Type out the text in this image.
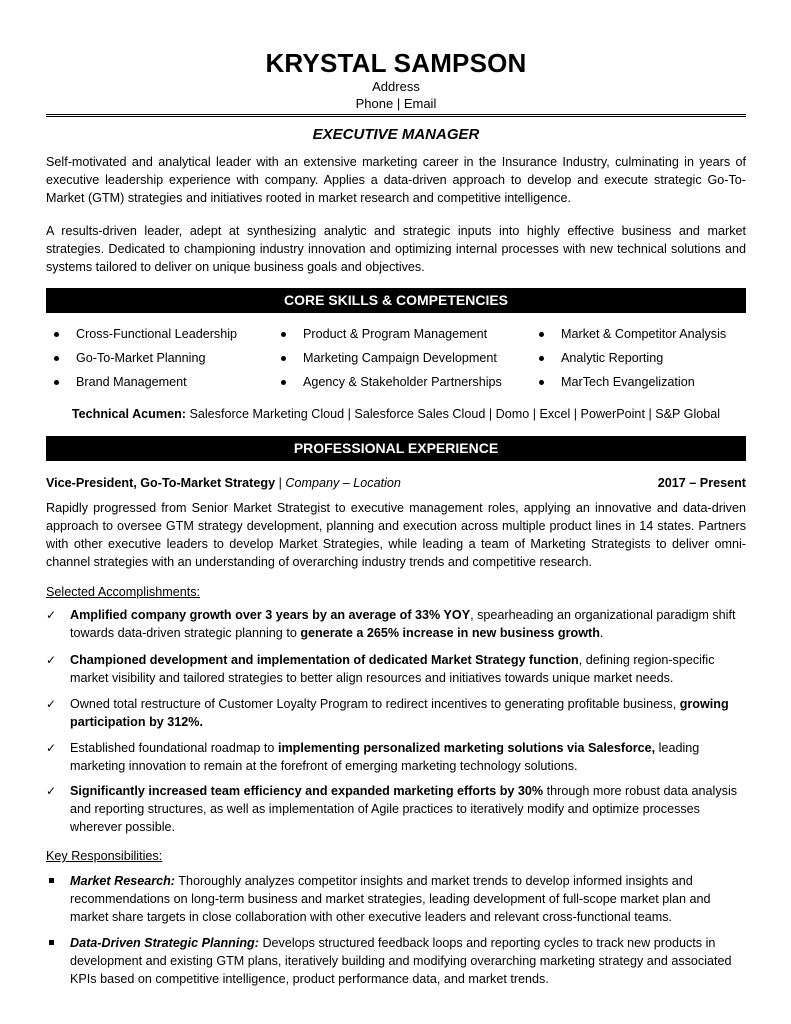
KRYSTAL SAMPSON
Address
Phone | Email
EXECUTIVE MANAGER

Self-motivated and analytical leader with an extensive marketing career in the Insurance Industry, culminating in years of executive leadership experience with company. Applies a data-driven approach to develop and execute strategic Go-To-Market (GTM) strategies and initiatives rooted in market research and competitive intelligence.

A results-driven leader, adept at synthesizing analytic and strategic inputs into highly effective business and market strategies. Dedicated to championing industry innovation and optimizing internal processes with new technical solutions and systems tailored to deliver on unique business goals and objectives.

CORE SKILLS & COMPETENCIES
Cross-Functional Leadership	Product & Program Management	Market & Competitor Analysis
Go-To-Market Planning	Marketing Campaign Development	Analytic Reporting
Brand Management	Agency & Stakeholder Partnerships	MarTech Evangelization
Technical Acumen: Salesforce Marketing Cloud | Salesforce Sales Cloud | Domo | Excel | PowerPoint | S&P Global
PROFESSIONAL EXPERIENCE
Vice-President, Go-To-Market Strategy | Company – Location	2017 – Present

Rapidly progressed from Senior Market Strategist to executive management roles, applying an innovative and data-driven approach to oversee GTM strategy development, planning and execution across multiple product lines in 14 states. Partners with other executive leaders to develop Market Strategies, while leading a team of Marketing Strategists to deliver omni-channel strategies with an understanding of overarching industry trends and competitive research.

Selected Accomplishments:
✓ Amplified company growth over 3 years by an average of 33% YOY, spearheading an organizational paradigm shift towards data-driven strategic planning to generate a 265% increase in new business growth.
✓ Championed development and implementation of dedicated Market Strategy function, defining region-specific market visibility and tailored strategies to better align resources and initiatives towards unique market needs.
✓ Owned total restructure of Customer Loyalty Program to redirect incentives to generating profitable business, growing participation by 312%.
✓ Established foundational roadmap to implementing personalized marketing solutions via Salesforce, leading marketing innovation to remain at the forefront of emerging marketing technology solutions.
✓ Significantly increased team efficiency and expanded marketing efforts by 30% through more robust data analysis and reporting structures, as well as implementation of Agile practices to iteratively modify and optimize processes wherever possible.
Key Responsibilities:
Market Research: Thoroughly analyzes competitor insights and market trends to develop informed insights and recommendations on long-term business and market strategies, leading development of full-scope market plan and market share targets in close collaboration with other executive leaders and relevant cross-functional teams.
Data-Driven Strategic Planning: Develops structured feedback loops and reporting cycles to track new products in development and existing GTM plans, iteratively building and modifying overarching marketing strategy and associated KPIs based on competitive intelligence, product performance data, and market trends.
